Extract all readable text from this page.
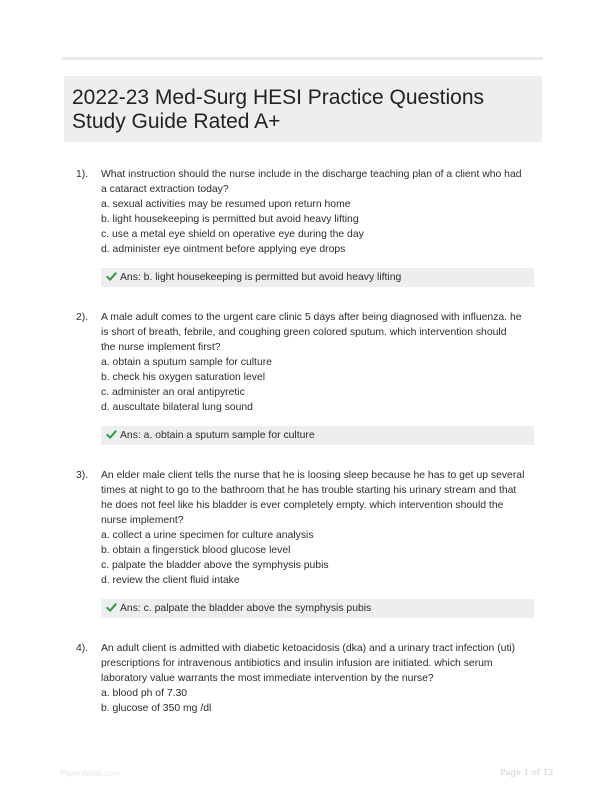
2022-23 Med-Surg HESI Practice Questions Study Guide Rated A+
1). What instruction should the nurse include in the discharge teaching plan of a client who had
a cataract extraction today?
a. sexual activities may be resumed upon return home
b. light housekeeping is permitted but avoid heavy lifting
c. use a metal eye shield on operative eye during the day
d. administer eye ointment before applying eye drops
Ans: b. light housekeeping is permitted but avoid heavy lifting
2). A male adult comes to the urgent care clinic 5 days after being diagnosed with influenza. he
is short of breath, febrile, and coughing green colored sputum. which intervention should
the nurse implement first?
a. obtain a sputum sample for culture
b. check his oxygen saturation level
c. administer an oral antipyretic
d. auscultate bilateral lung sound
Ans: a. obtain a sputum sample for culture
3). An elder male client tells the nurse that he is loosing sleep because he has to get up several
times at night to go to the bathroom that he has trouble starting his urinary stream and that
he does not feel like his bladder is ever completely empty. which intervention should the
nurse implement?
a. collect a urine specimen for culture analysis
b. obtain a fingerstick blood glucose level
c. palpate the bladder above the symphysis pubis
d. review the client fluid intake
Ans: c. palpate the bladder above the symphysis pubis
4). An adult client is admitted with diabetic ketoacidosis (dka) and a urinary tract infection (uti)
prescriptions for intravenous antibiotics and insulin infusion are initiated. which serum
laboratory value warrants the most immediate intervention by the nurse?
a. blood ph of 7.30
b. glucose of 350 mg /dl
PaperWebb.com	Page 1 of 12
